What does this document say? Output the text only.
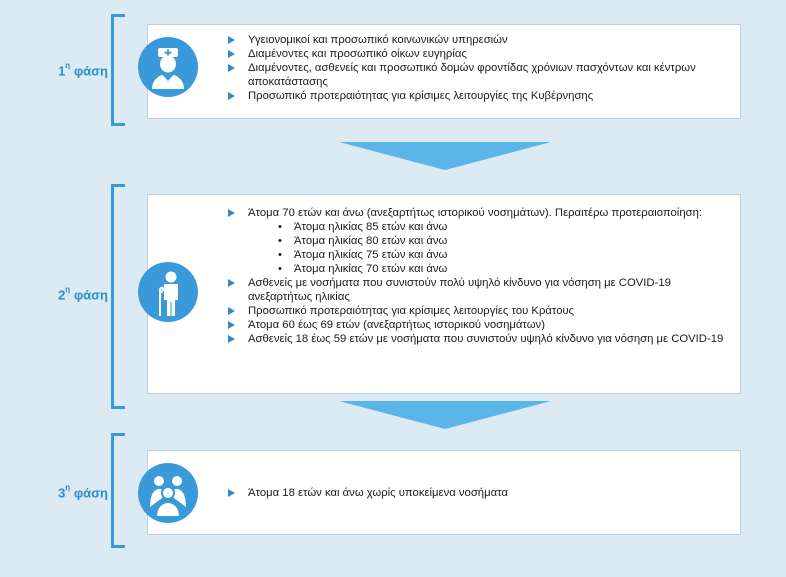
$1^\eta$ φάση
Υγειονομικοί και προσωπικό κοινωνικών υπηρεσιών
Διαμένοντες και προσωπικό οίκων ευγηρίας
Διαμένοντες, ασθενείς και προσωπικό δομών φροντίδας χρόνιων πασχόντων και κέντρων αποκατάστασης
Προσωπικό προτεραιότητας για κρίσιμες λειτουργίες της Κυβέρνησης
$2^\eta$ φάση
Άτομα 70 ετών και άνω (ανεξαρτήτως ιστορικού νοσημάτων). Περαιτέρω προτεραιοποίηση:
• Άτομα ηλικίας 85 ετών και άνω
• Άτομα ηλικίας 80 ετών και άνω
• Άτομα ηλικίας 75 ετών και άνω
• Άτομα ηλικίας 70 ετών και άνω
Ασθενείς με νοσήματα που συνιστούν πολύ υψηλό κίνδυνο για νόσηση με COVID-19 ανεξαρτήτως ηλικίας
Προσωπικό προτεραιότητας για κρίσιμες λειτουργίες του Κράτους
Άτομα 60 έως 69 ετών (ανεξαρτήτως ιστορικού νοσημάτων)
Ασθενείς 18 έως 59 ετών με νοσήματα που συνιστούν υψηλό κίνδυνο για νόσηση με COVID-19
$3^\eta$ φάση	Άτομα 18 ετών και άνω χωρίς υποκείμενα νοσήματα
